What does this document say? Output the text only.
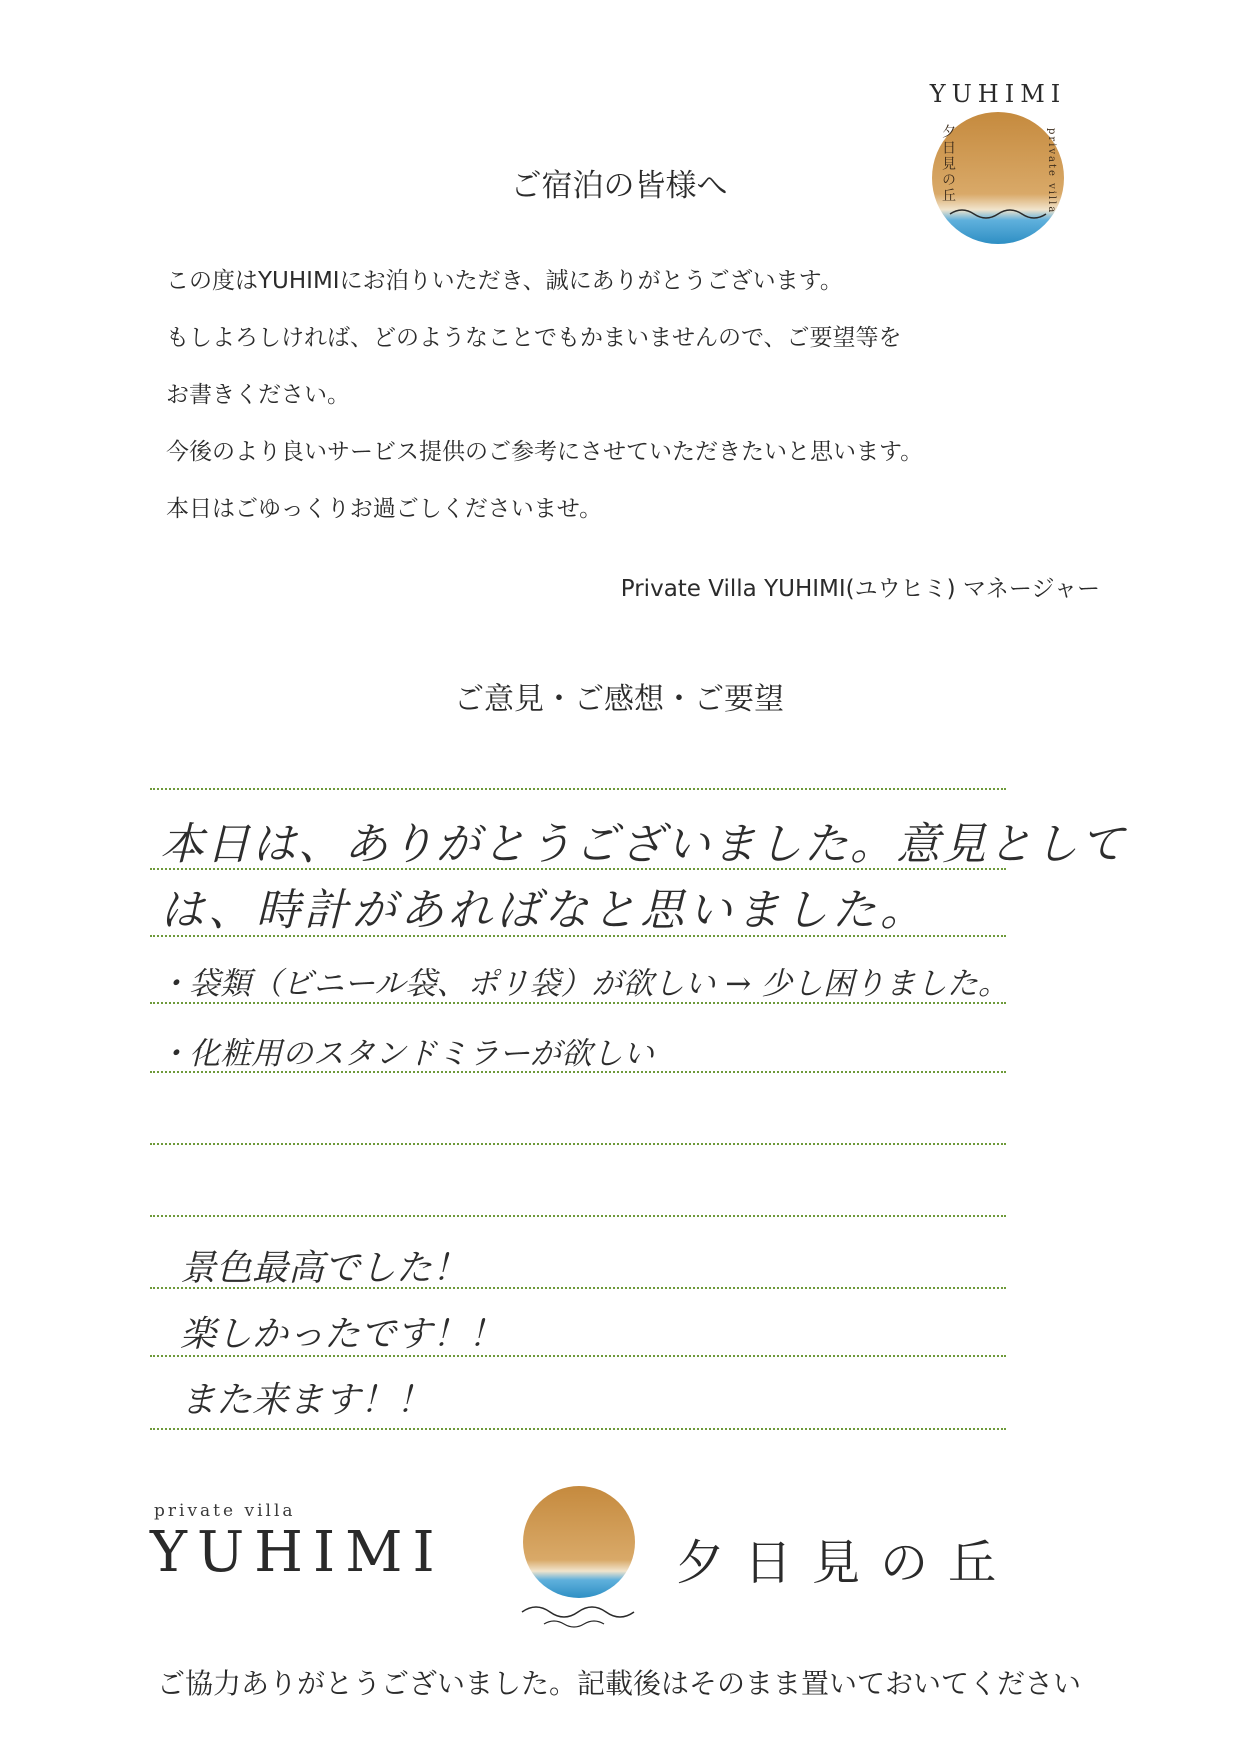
YUHIMI
夕日見の丘	private villa
ご宿泊の皆様へ
この度はYUHIMIにお泊りいただき、誠にありがとうございます。
もしよろしければ、どのようなことでもかまいませんので、ご要望等を
お書きください。
今後のより良いサービス提供のご参考にさせていただきたいと思います。
本日はごゆっくりお過ごしくださいませ。
Private Villa YUHIMI(ユウヒミ) マネージャー
ご意見・ご感想・ご要望
本日は、ありがとうございました。意見として
は、時計があればなと思いました。
・袋類（ビニール袋、ポリ袋）が欲しい → 少し困りました。
・化粧用のスタンドミラーが欲しい
景色最高でした！
楽しかったです！！
また来ます！！
private villa
YUHIMI	夕日見の丘
ご協力ありがとうございました。記載後はそのまま置いておいてください
